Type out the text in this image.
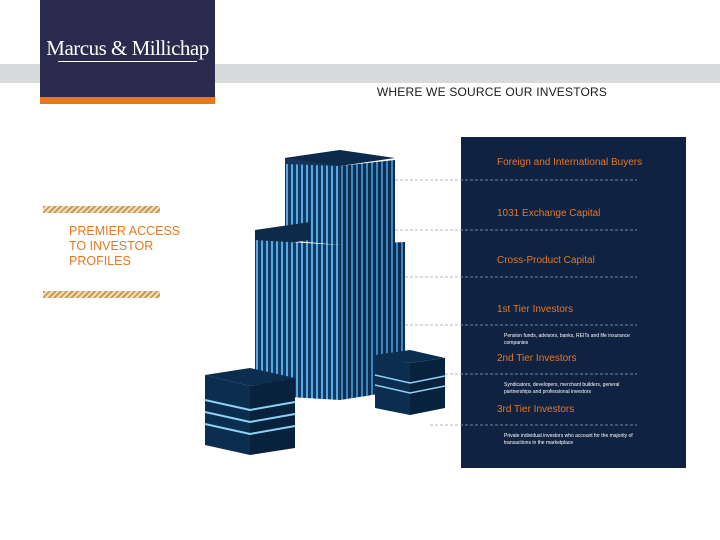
Marcus & Millichap
WHERE WE SOURCE OUR INVESTORS
PREMIER ACCESS TO INVESTOR PROFILES
Foreign and International Buyers
1031 Exchange Capital
Cross-Product Capital
1st Tier Investors
Pension funds, advisors, banks, REITs and life insurance companies
2nd Tier Investors
Syndicators, developers, merchant builders, general partnerships and professional investors
3rd Tier Investors
Private individual investors who account for the majority of transactions in the marketplace
